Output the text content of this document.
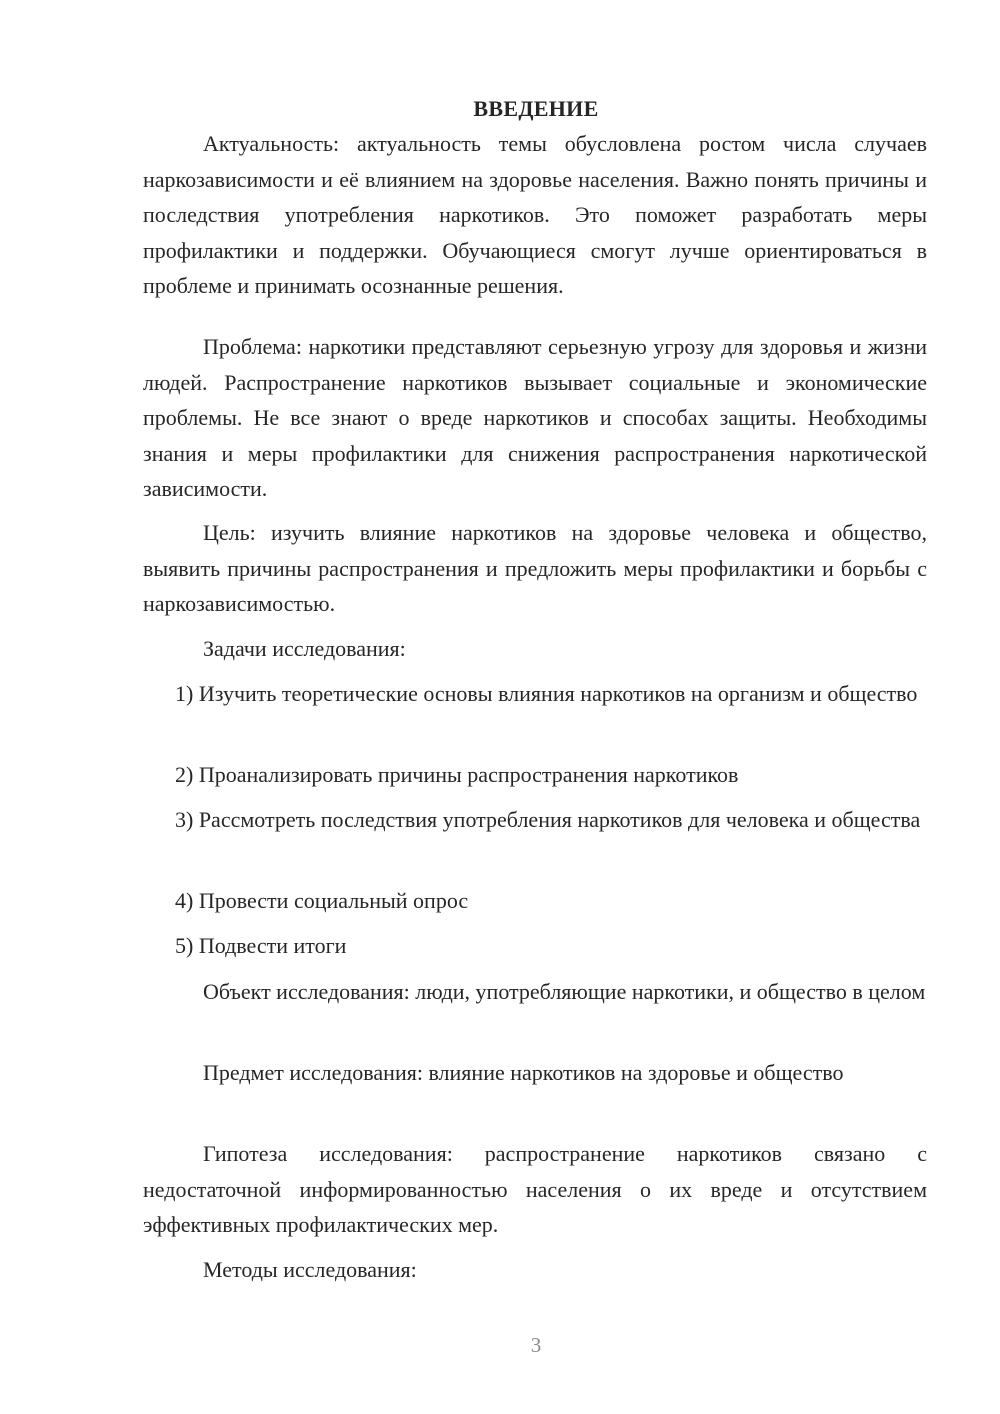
ВВЕДЕНИЕ

Актуальность: актуальность темы обусловлена ростом числа случаев наркозависимости и её влиянием на здоровье населения. Важно понять причины и последствия употребления наркотиков. Это поможет разработать меры профилактики и поддержки. Обучающиеся смогут лучше ориентироваться в проблеме и принимать осознанные решения.

Проблема: наркотики представляют серьезную угрозу для здоровья и жизни людей. Распространение наркотиков вызывает социальные и экономические проблемы. Не все знают о вреде наркотиков и способах защиты. Необходимы знания и меры профилактики для снижения распространения наркотической зависимости.

Цель: изучить влияние наркотиков на здоровье человека и общество, выявить причины распространения и предложить меры профилактики и борьбы с наркозависимостью.

Задачи исследования:

1) Изучить теоретические основы влияния наркотиков на организм и общество

2) Проанализировать причины распространения наркотиков

3) Рассмотреть последствия употребления наркотиков для человека и общества

4) Провести социальный опрос

5) Подвести итоги

Объект исследования: люди, употребляющие наркотики, и общество в целом

Предмет исследования: влияние наркотиков на здоровье и общество

Гипотеза исследования: распространение наркотиков связано с недостаточной информированностью населения о их вреде и отсутствием эффективных профилактических мер.

Методы исследования:

3
